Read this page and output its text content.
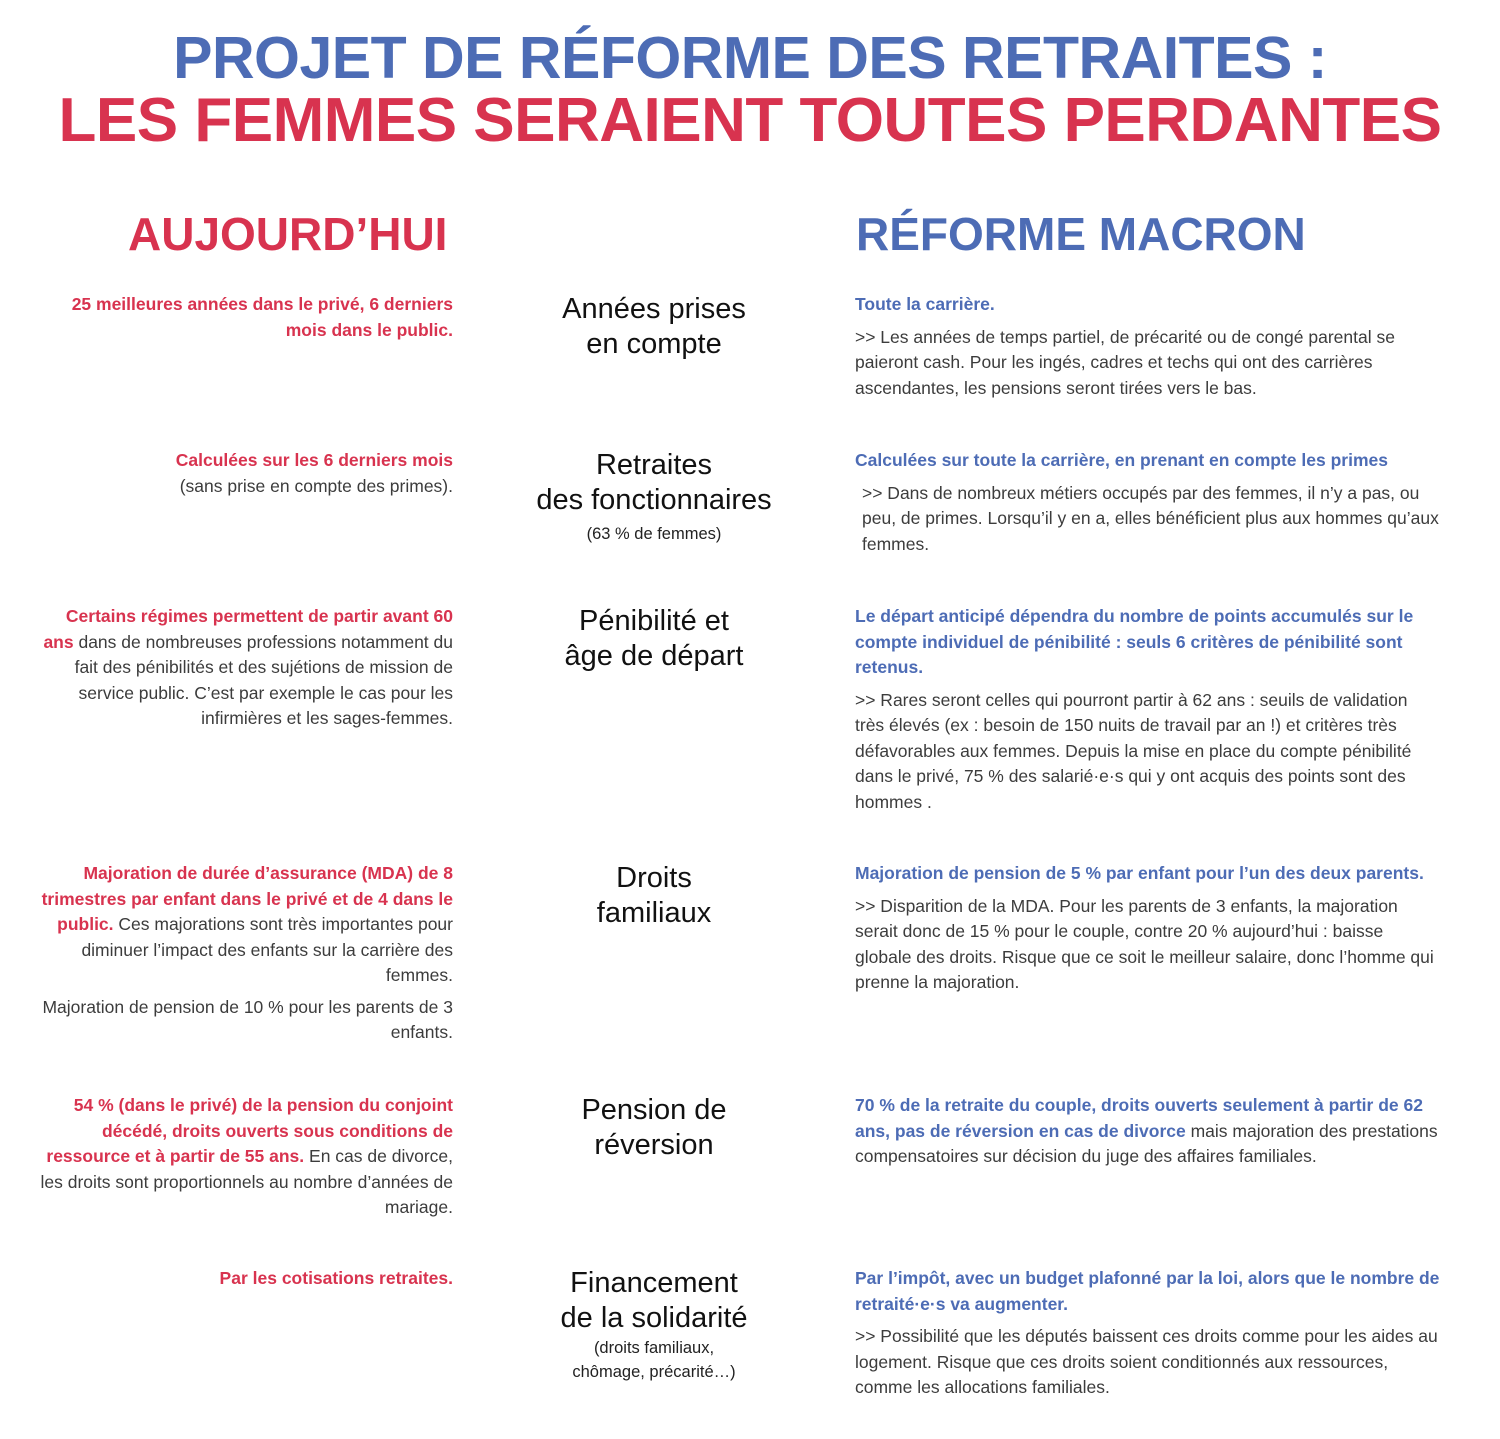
PROJET DE RÉFORME DES RETRAITES :
LES FEMMES SERAIENT TOUTES PERDANTES
AUJOURD’HUI	RÉFORME MACRON

25 meilleures années dans le privé, 6 derniers mois dans le public.

Années prises
en compte

Toute la carrière.

>> Les années de temps partiel, de précarité ou de congé parental se paieront cash. Pour les ingés, cadres et techs qui ont des carrières ascendantes, les pensions seront tirées vers le bas.

Calculées sur les 6 derniers mois
(sans prise en compte des primes).

Retraites
des fonctionnaires
(63 % de femmes)

Calculées sur toute la carrière, en prenant en compte les primes

>> Dans de nombreux métiers occupés par des femmes, il n’y a pas, ou peu, de primes. Lorsqu’il y en a, elles bénéficient plus aux hommes qu’aux femmes.

Certains régimes permettent de partir avant 60 ans dans de nombreuses professions notamment du fait des pénibilités et des sujétions de mission de service public. C’est par exemple le cas pour les infirmières et les sages-femmes.

Pénibilité et
âge de départ

Le départ anticipé dépendra du nombre de points accumulés sur le compte individuel de pénibilité : seuls 6 critères de pénibilité sont retenus.

>> Rares seront celles qui pourront partir à 62 ans : seuils de validation très élevés (ex : besoin de 150 nuits de travail par an !) et critères très défavorables aux femmes. Depuis la mise en place du compte pénibilité dans le privé, 75 % des salarié·e·s qui y ont acquis des points sont des hommes .

Majoration de durée d’assurance (MDA) de 8 trimestres par enfant dans le privé et de 4 dans le public. Ces majorations sont très importantes pour diminuer l’impact des enfants sur la carrière des femmes.

Majoration de pension de 10 % pour les parents de 3 enfants.

Droits
familiaux

Majoration de pension de 5 % par enfant pour l’un des deux parents.

>> Disparition de la MDA. Pour les parents de 3 enfants, la majoration serait donc de 15 % pour le couple, contre 20 % aujourd’hui : baisse globale des droits. Risque que ce soit le meilleur salaire, donc l’homme qui prenne la majoration.

54 % (dans le privé) de la pension du conjoint décédé, droits ouverts sous conditions de ressource et à partir de 55 ans. En cas de divorce, les droits sont proportionnels au nombre d’années de mariage.

Pension de
réversion

70 % de la retraite du couple, droits ouverts seulement à partir de 62 ans, pas de réversion en cas de divorce mais majoration des prestations compensatoires sur décision du juge des affaires familiales.

Par les cotisations retraites.	Financement
de la solidarité
(droits familiaux,
chômage, précarité…)

Par l’impôt, avec un budget plafonné par la loi, alors que le nombre de retraité·e·s va augmenter.

>> Possibilité que les députés baissent ces droits comme pour les aides au logement. Risque que ces droits soient conditionnés aux ressources, comme les allocations familiales.
